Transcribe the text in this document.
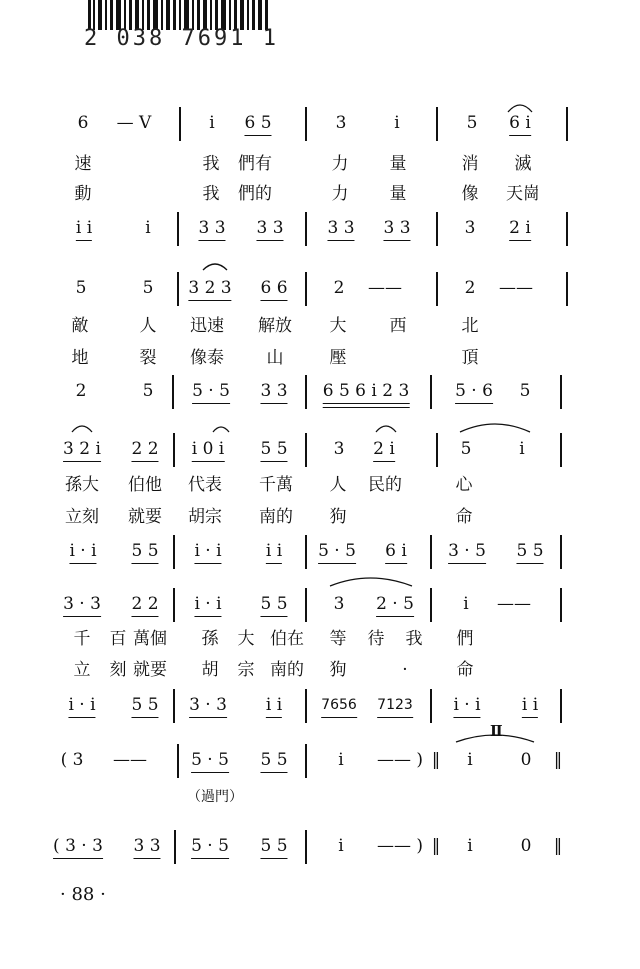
2 038 7691 1
6 — V	i 6 5	3	i	5 6 i
i i	i	3 3 3 3	3 3 3 3	3 2 i
5	5 3 2 3 6 6	2 ——	2 ——
2	5 5 · 5 3 3 6 5 6 i 2 3	5 · 6 5
3 2 i 2 2 i 0 i 5 5	3 2 i	5	i
i · i 5 5 i · i	i i 5 · 5 6 i 3 · 5 5 5
3 · 3 2 2 i · i 5 5	3 2 · 5	i ——
i · i 5 5 3 · 3 i i	7656 7123 i · i i i
( 3 ——	5 · 5 5 5	i —— ) ‖ i	0 ‖
( 3 · 3 3 3 5 · 5 5 5	i —— ) ‖ i	0 ‖
速	我 們有	力 量	消 滅
動	我 們的	力 量	像 天崗
敵	人 迅速 解放 大	西	北
地	裂 像泰	山	壓	頂
孫大 伯他 代表 千萬 人 民的	心
立刻 就要 胡宗 南的 狗	命
千 百 萬個 孫 大 伯在 等 待 我 們
立 刻 就要 胡 宗 南的 狗	·	命
（過門）
Ⅱ
· 88 ·
